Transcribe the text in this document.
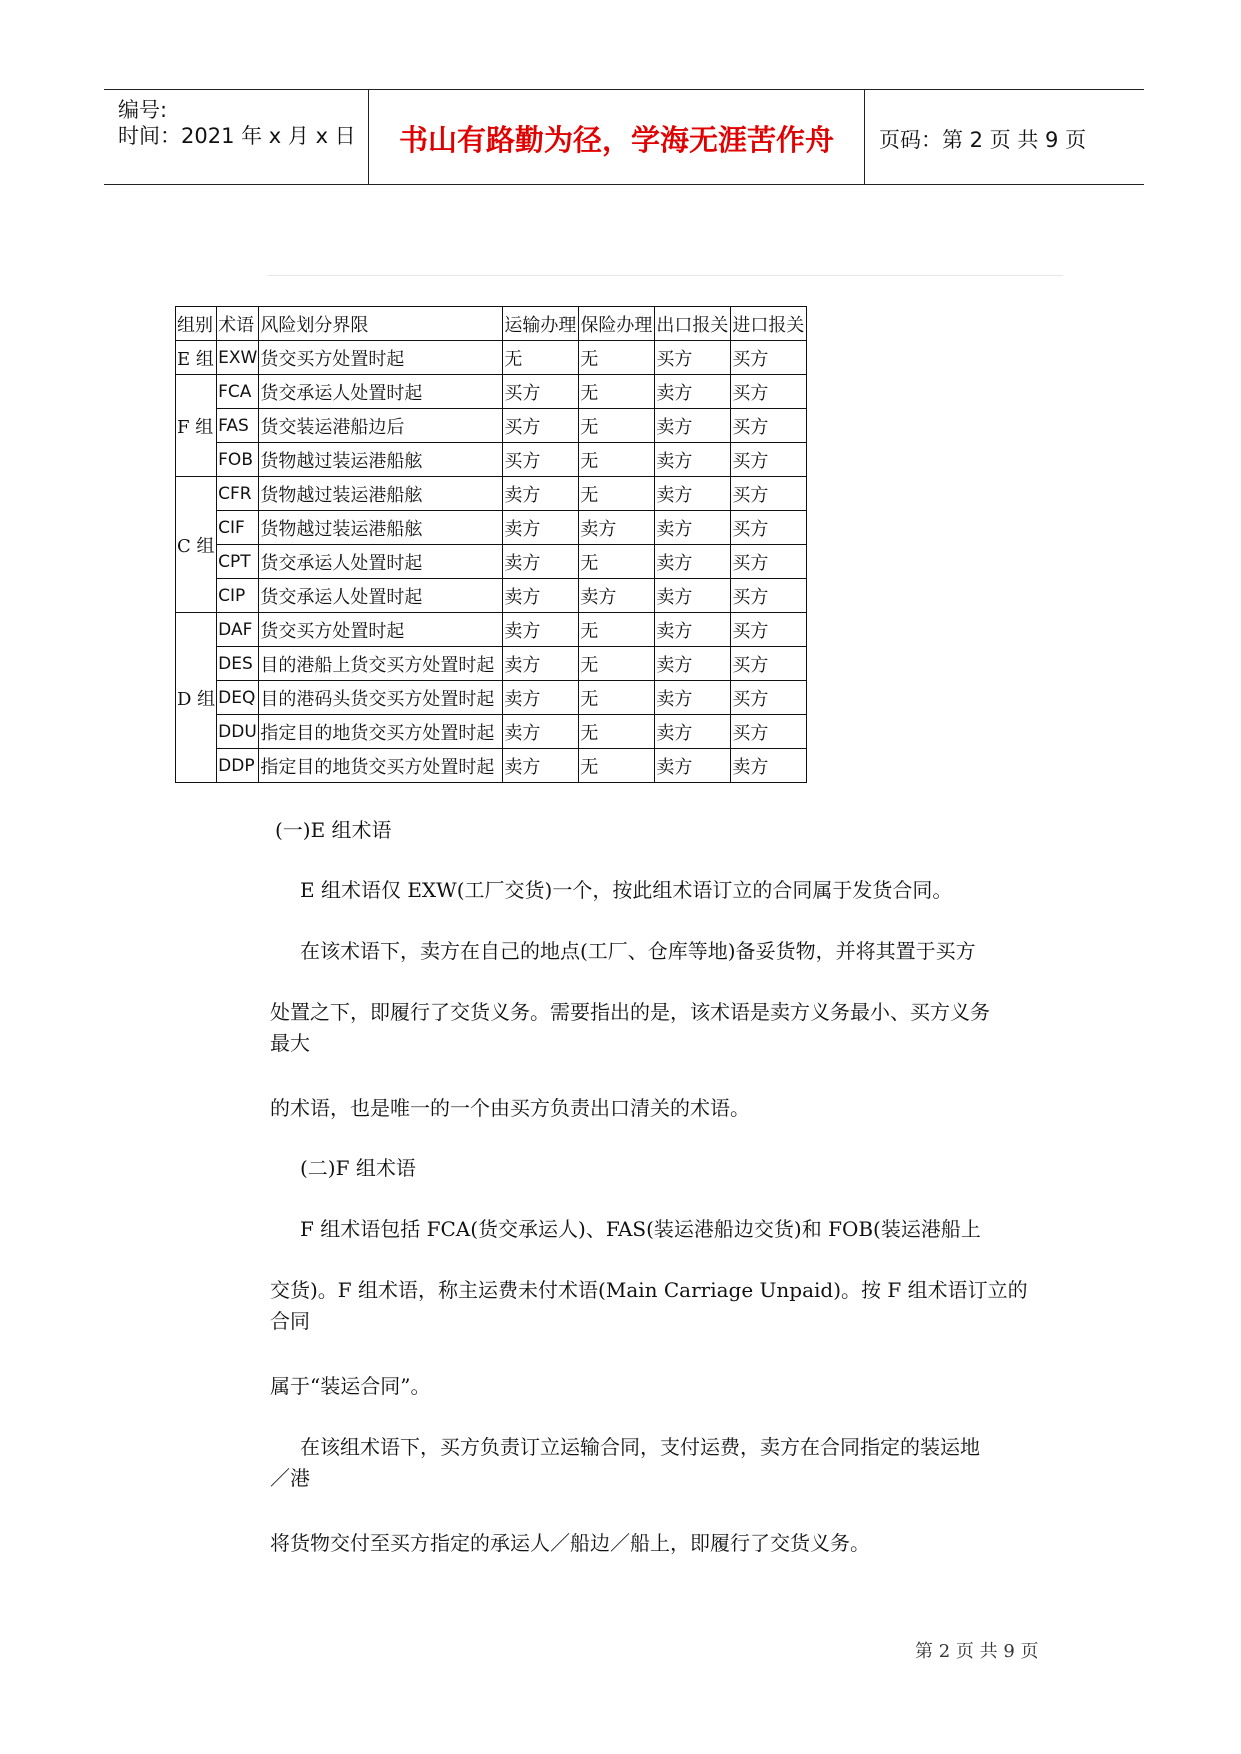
编号:
时间：2021 年 x 月 x 日	书山有路勤为径，学海无涯苦作舟	页码：第 2 页 共 9 页
组别	术语	风险划分界限	运输办理	保险办理	出口报关	进口报关
E 组	EXW	货交买方处置时起	无	无	买方	买方
F 组	FCA	货交承运人处置时起	买方	无	卖方	买方
	FAS	货交装运港船边后	买方	无	卖方	买方
	FOB	货物越过装运港船舷	买方	无	卖方	买方
C 组	CFR	货物越过装运港船舷	卖方	无	卖方	买方
	CIF	货物越过装运港船舷	卖方	卖方	卖方	买方
	CPT	货交承运人处置时起	卖方	无	卖方	买方
	CIP	货交承运人处置时起	卖方	卖方	卖方	买方
D 组	DAF	货交买方处置时起	卖方	无	卖方	买方
	DES	目的港船上货交买方处置时起	卖方	无	卖方	买方
	DEQ	目的港码头货交买方处置时起	卖方	无	卖方	买方
	DDU	指定目的地货交买方处置时起	卖方	无	卖方	买方
	DDP	指定目的地货交买方处置时起	卖方	无	卖方	卖方
(一)E 组术语
E 组术语仅 EXW(工厂交货)一个，按此组术语订立的合同属于发货合同。
在该术语下，卖方在自己的地点(工厂、仓库等地)备妥货物，并将其置于买方
处置之下，即履行了交货义务。需要指出的是，该术语是卖方义务最小、买方义务
最大
的术语，也是唯一的一个由买方负责出口清关的术语。
(二)F 组术语
F 组术语包括 FCA(货交承运人)、FAS(装运港船边交货)和 FOB(装运港船上
交货)。F 组术语，称主运费未付术语(Main Carriage Unpaid)。按 F 组术语订立的
合同
属于“装运合同”。
在该组术语下，买方负责订立运输合同，支付运费，卖方在合同指定的装运地
／港
将货物交付至买方指定的承运人／船边／船上，即履行了交货义务。
第 2 页 共 9 页
